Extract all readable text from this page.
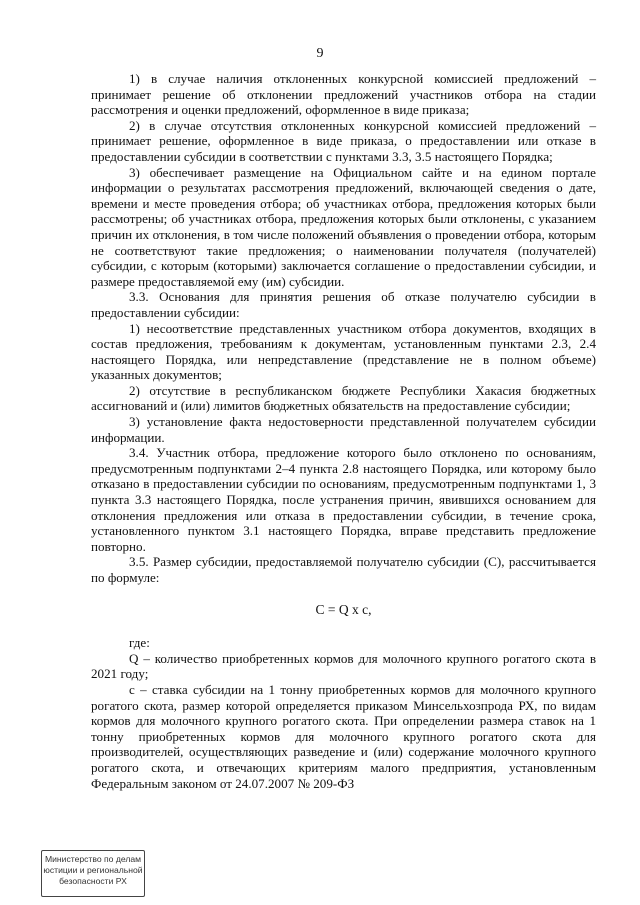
9

1) в случае наличия отклоненных конкурсной комиссией предложений – принимает решение об отклонении предложений участников отбора на стадии рассмотрения и оценки предложений, оформленное в виде приказа;

2) в случае отсутствия отклоненных конкурсной комиссией предложений – принимает решение, оформленное в виде приказа, о предоставлении или отказе в предоставлении субсидии в соответствии с пунктами 3.3, 3.5 настоящего Порядка;

3) обеспечивает размещение на Официальном сайте и на едином портале информации о результатах рассмотрения предложений, включающей сведения о дате, времени и месте проведения отбора; об участниках отбора, предложения которых были рассмотрены; об участниках отбора, предложения которых были отклонены, с указанием причин их отклонения, в том числе положений объявления о проведении отбора, которым не соответствуют такие предложения; о наименовании получателя (получателей) субсидии, с которым (которыми) заключается соглашение о предоставлении субсидии, и размере предоставляемой ему (им) субсидии.

3.3. Основания для принятия решения об отказе получателю субсидии в предоставлении субсидии:

1) несоответствие представленных участником отбора документов, входящих в состав предложения, требованиям к документам, установленным пунктами 2.3, 2.4 настоящего Порядка, или непредставление (представление не в полном объеме) указанных документов;

2) отсутствие в республиканском бюджете Республики Хакасия бюджетных ассигнований и (или) лимитов бюджетных обязательств на предоставление субсидии;

3) установление факта недостоверности представленной получателем субсидии информации.

3.4. Участник отбора, предложение которого было отклонено по основаниям, предусмотренным подпунктами 2–4 пункта 2.8 настоящего Порядка, или которому было отказано в предоставлении субсидии по основаниям, предусмотренным подпунктами 1, 3 пункта 3.3 настоящего Порядка, после устранения причин, явившихся основанием для отклонения предложения или отказа в предоставлении субсидии, в течение срока, установленного пунктом 3.1 настоящего Порядка, вправе представить предложение повторно.

3.5. Размер субсидии, предоставляемой получателю субсидии (С), рассчитывается по формуле:

C = Q x c,

где:

Q – количество приобретенных кормов для молочного крупного рогатого скота в 2021 году;

с – ставка субсидии на 1 тонну приобретенных кормов для молочного крупного рогатого скота, размер которой определяется приказом Минсельхозпрода РХ, по видам кормов для молочного крупного рогатого скота. При определении размера ставок на 1 тонну приобретенных кормов для молочного крупного рогатого скота для производителей, осуществляющих разведение и (или) содержание молочного крупного рогатого скота, и отвечающих критериям малого предприятия, установленным Федеральным законом от 24.07.2007 № 209-ФЗ

Министерство по делам
юстиции и региональной
безопасности РХ
